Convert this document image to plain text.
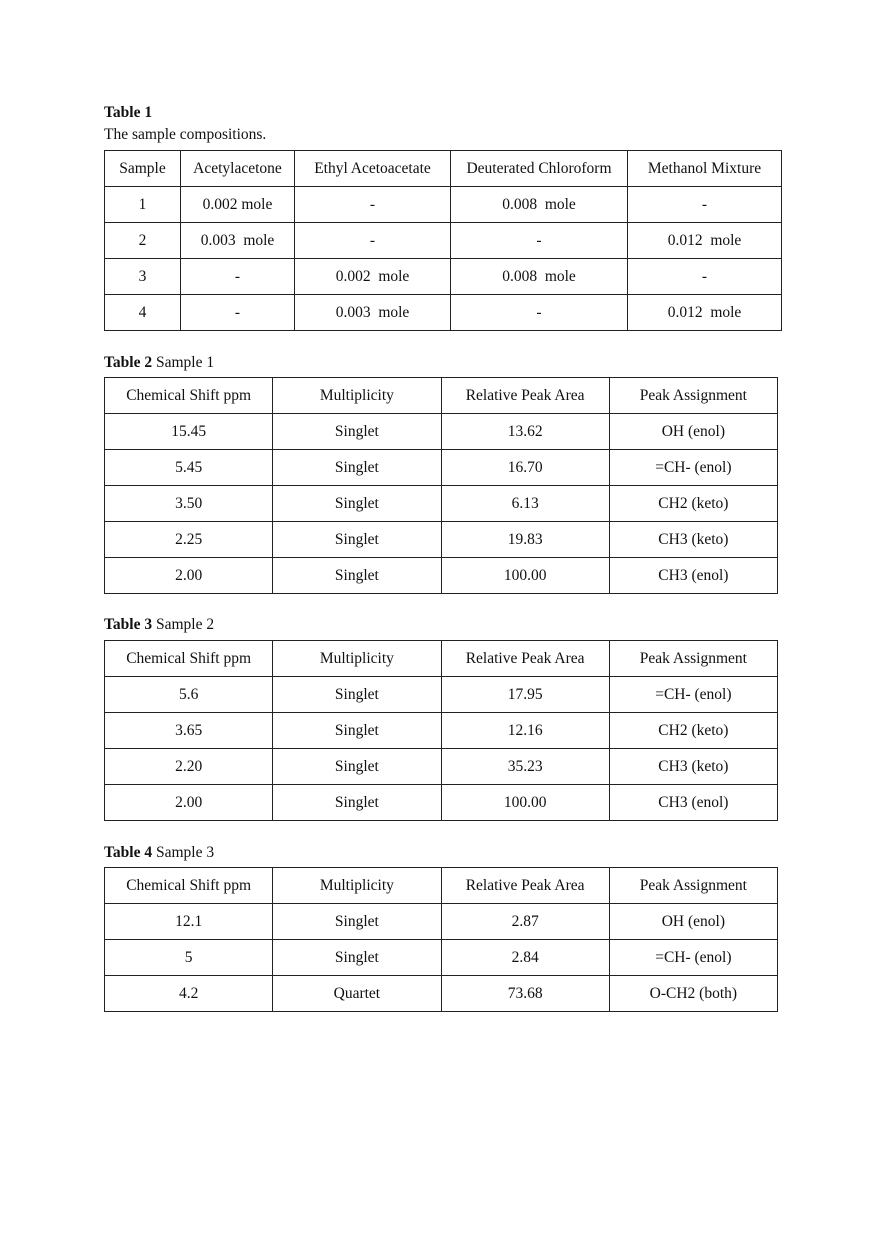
Table 1
The sample compositions.
Sample	Acetylacetone	Ethyl Acetoacetate	Deuterated Chloroform	Methanol Mixture
1	0.002 mole	-	0.008  mole	-
2	0.003  mole	-	-	0.012  mole
3	-	0.002  mole	0.008  mole	-
4	-	0.003  mole	-	0.012  mole
Table 2 Sample 1
Chemical Shift ppm	Multiplicity	Relative Peak Area	Peak Assignment
15.45	Singlet	13.62	OH (enol)
5.45	Singlet	16.70	=CH- (enol)
3.50	Singlet	6.13	CH2 (keto)
2.25	Singlet	19.83	CH3 (keto)
2.00	Singlet	100.00	CH3 (enol)
Table 3 Sample 2
Chemical Shift ppm	Multiplicity	Relative Peak Area	Peak Assignment
5.6	Singlet	17.95	=CH- (enol)
3.65	Singlet	12.16	CH2 (keto)
2.20	Singlet	35.23	CH3 (keto)
2.00	Singlet	100.00	CH3 (enol)
Table 4 Sample 3
Chemical Shift ppm	Multiplicity	Relative Peak Area	Peak Assignment
12.1	Singlet	2.87	OH (enol)
5	Singlet	2.84	=CH- (enol)
4.2	Quartet	73.68	O-CH2 (both)
